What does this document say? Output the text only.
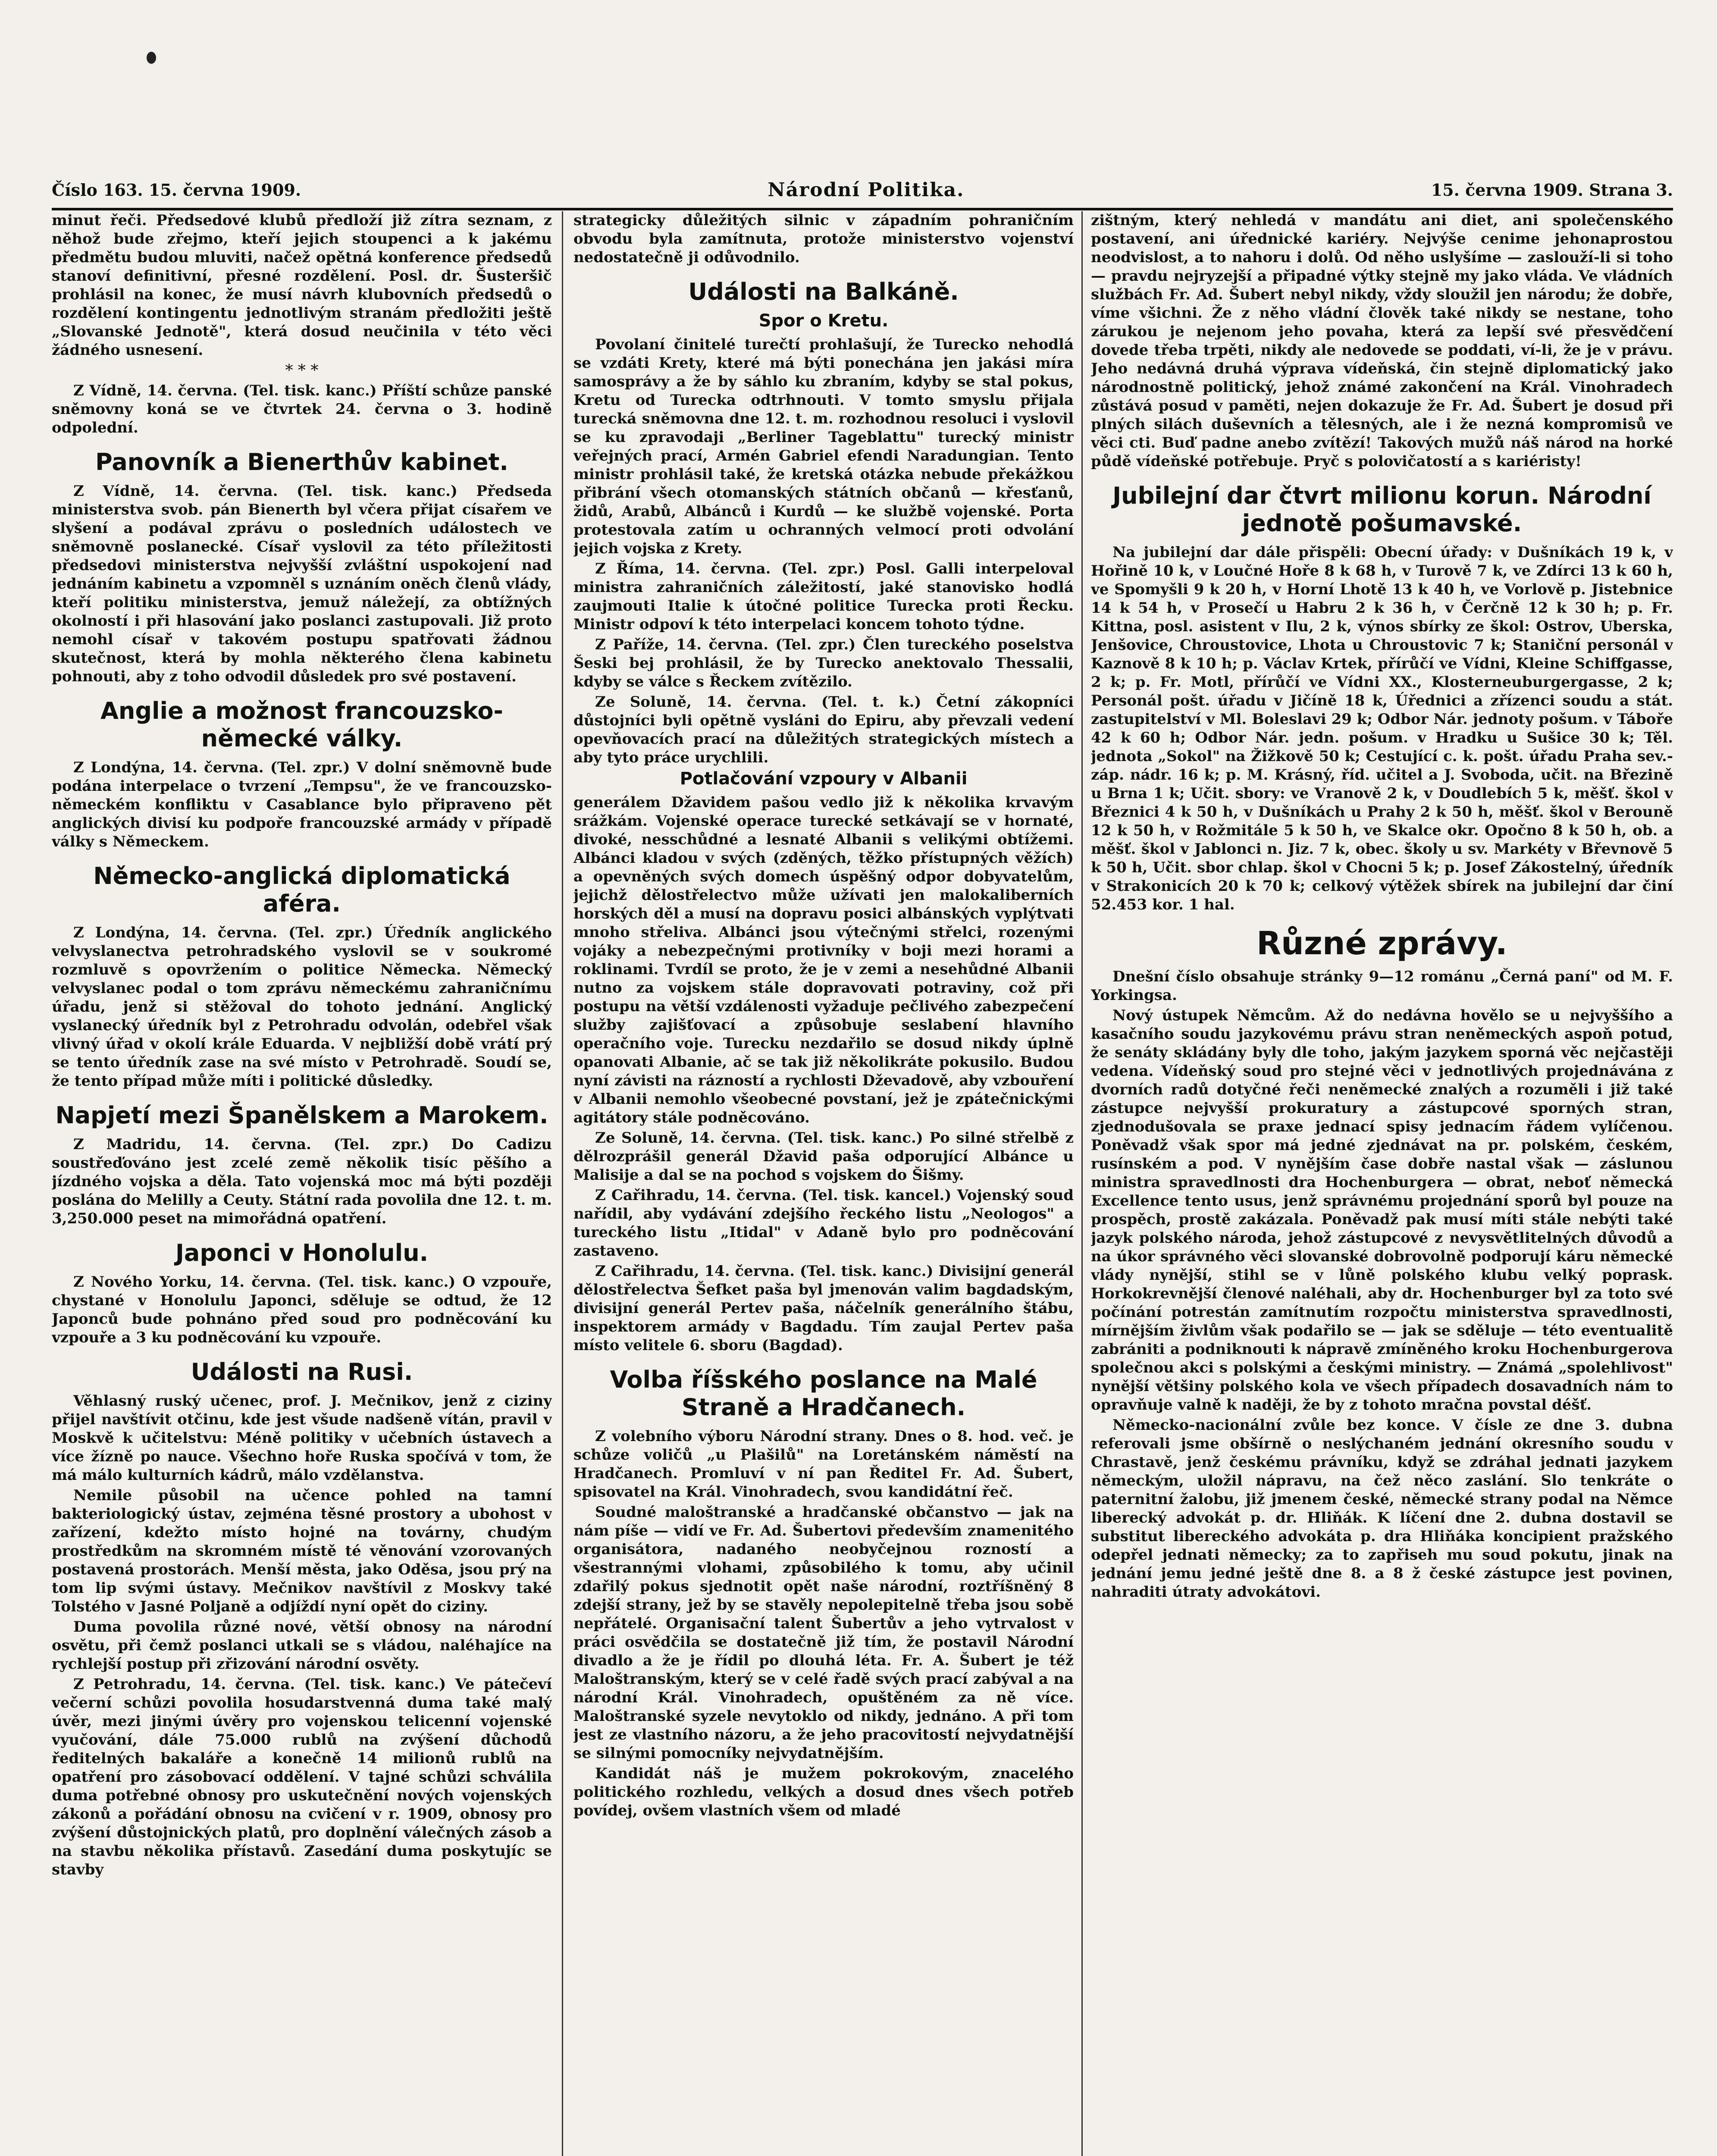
Číslo 163. 15. června 1909.	Národní Politika.	15. června 1909. Strana 3.

minut řeči. Předsedové klubů předloží již zítra seznam, z něhož bude zřejmo, kteří jejich stoupenci a k jakému předmětu budou mluviti, načež opětná konference předsedů stanoví definitivní, přesné rozdělení. Posl. dr. Šusteršič prohlásil na konec, že musí návrh klubovních předsedů o rozdělení kontingentu jednotlivým stranám předložiti ještě „Slovanské Jednotě", která dosud neučinila v této věci žádného usnesení.

* * *

Z Vídně, 14. června. (Tel. tisk. kanc.) Příští schůze panské sněmovny koná se ve čtvrtek 24. června o 3. hodině odpolední.

Panovník a Bienerthův kabinet.

Z Vídně, 14. června. (Tel. tisk. kanc.) Předseda ministerstva svob. pán Bienerth byl včera přijat císařem ve slyšení a podával zprávu o posledních událostech ve sněmovně poslanecké. Císař vyslovil za této příležitosti předsedovi ministerstva nejvyšší zvláštní uspokojení nad jednáním kabinetu a vzpomněl s uznáním oněch členů vlády, kteří politiku ministerstva, jemuž náležejí, za obtížných okolností i při hlasování jako poslanci zastupovali. Již proto nemohl císař v takovém postupu spatřovati žádnou skutečnost, která by mohla některého člena kabinetu pohnouti, aby z toho odvodil důsledek pro své postavení.

Anglie a možnost francouzsko-německé války.

Z Londýna, 14. června. (Tel. zpr.) V dolní sněmovně bude podána interpelace o tvrzení „Tempsu", že ve francouzsko-německém konfliktu v Casablance bylo připraveno pět anglických divisí ku podpoře francouzské armády v případě války s Německem.

Německo-anglická diplomatická aféra.

Z Londýna, 14. června. (Tel. zpr.) Úředník anglického velvyslanectva petrohradského vyslovil se v soukromé rozmluvě s opovržením o politice Německa. Německý velvyslanec podal o tom zprávu německému zahraničnímu úřadu, jenž si stěžoval do tohoto jednání. Anglický vyslanecký úředník byl z Petrohradu odvolán, odebřel však vlivný úřad v okolí krále Eduarda. V nejbližší době vrátí prý se tento úředník zase na své místo v Petrohradě. Soudí se, že tento případ může míti i politické důsledky.

Napjetí mezi Španělskem a Marokem.

Z Madridu, 14. června. (Tel. zpr.) Do Cadizu soustřeďováno jest zcelé země několik tisíc pěšího a jízdného vojska a děla. Tato vojenská moc má býti později poslána do Melilly a Ceuty. Státní rada povolila dne 12. t. m. 3,250.000 peset na mimořádná opatření.

Japonci v Honolulu.

Z Nového Yorku, 14. června. (Tel. tisk. kanc.) O vzpouře, chystané v Honolulu Japonci, sděluje se odtud, že 12 Japonců bude pohnáno před soud pro podněcování ku vzpouře a 3 ku podněcování ku vzpouře.

Události na Rusi.

Věhlasný ruský učenec, prof. J. Mečnikov, jenž z ciziny přijel navštívit otčinu, kde jest všude nadšeně vítán, pravil v Moskvě k učitelstvu: Méně politiky v učebních ústavech a více žízně po nauce. Všechno hoře Ruska spočívá v tom, že má málo kulturních kádrů, málo vzdělanstva.

Nemile působil na učence pohled na tamní bakteriologický ústav, zejména těsné prostory a ubohost v zařízení, kdežto místo hojné na továrny, chudým prostředkům na skromném místě té věnování vzorovaných postavená prostorách. Menší města, jako Oděsa, jsou prý na tom lip svými ústavy. Mečnikov navštívil z Moskvy také Tolstého v Jasné Poljaně a odjíždí nyní opět do ciziny.

Duma povolila různé nové, větší obnosy na národní osvětu, při čemž poslanci utkali se s vládou, naléhajíce na rychlejší postup při zřizování národní osvěty.

Z Petrohradu, 14. června. (Tel. tisk. kanc.) Ve pátečeví večerní schůzi povolila hosudarstvenná duma také malý úvěr, mezi jinými úvěry pro vojenskou telicenní vojenské vyučování, dále 75.000 rublů na zvýšení důchodů ředitelných bakaláře a konečně 14 milionů rublů na opatření pro zásobovací oddělení. V tajné schůzi schválila duma potřebné obnosy pro uskutečnění nových vojenských zákonů a pořádání obnosu na cvičení v r. 1909, obnosy pro zvýšení důstojnických platů, pro doplnění válečných zásob a na stavbu několika přístavů. Zasedání duma poskytujíc se stavby

strategicky důležitých silnic v západním pohraničním obvodu byla zamítnuta, protože ministerstvo vojenství nedostatečně ji odůvodnilo.

Události na Balkáně.
Spor o Kretu.

Povolaní činitelé turečtí prohlašují, že Turecko nehodlá se vzdáti Krety, které má býti ponechána jen jakási míra samosprávy a že by sáhlo ku zbraním, kdyby se stal pokus, Kretu od Turecka odtrhnouti. V tomto smyslu přijala turecká sněmovna dne 12. t. m. rozhodnou resoluci i vyslovil se ku zpravodaji „Berliner Tageblattu" turecký ministr veřejných prací, Armén Gabriel efendi Naradungian. Tento ministr prohlásil také, že kretská otázka nebude překážkou přibrání všech otomanských státních občanů — křesťanů, židů, Arabů, Albánců i Kurdů — ke službě vojenské. Porta protestovala zatím u ochranných velmocí proti odvolání jejich vojska z Krety.

Z Říma, 14. června. (Tel. zpr.) Posl. Galli interpeloval ministra zahraničních záležitostí, jaké stanovisko hodlá zaujmouti Italie k útočné politice Turecka proti Řecku. Ministr odpoví k této interpelaci koncem tohoto týdne.

Z Paříže, 14. června. (Tel. zpr.) Člen tureckého poselstva Šeski bej prohlásil, že by Turecko anektovalo Thessalii, kdyby se válce s Řeckem zvítězilo.

Ze Soluně, 14. června. (Tel. t. k.) Četní zákopníci důstojníci byli opětně vysláni do Epiru, aby převzali vedení opevňovacích prací na důležitých strategických místech a aby tyto práce urychlili.

Potlačování vzpoury v Albanii

generálem Džavidem pašou vedlo již k několika krvavým srážkám. Vojenské operace turecké setkávají se v hornaté, divoké, nesschůdné a lesnaté Albanii s velikými obtížemi. Albánci kladou v svých (zděných, těžko přístupných věžích) a opevněných svých domech úspěšný odpor dobyvatelům, jejichž dělostřelectvo může užívati jen malokaliberních horských děl a musí na dopravu posici albánských vyplýtvati mnoho střeliva. Albánci jsou výtečnými střelci, rozenými vojáky a nebezpečnými protivníky v boji mezi horami a roklinami. Tvrdíl se proto, že je v zemi a nesehůdné Albanii nutno za vojskem stále dopravovati potraviny, což při postupu na větší vzdálenosti vyžaduje pečlivého zabezpečení služby zajišťovací a způsobuje seslabení hlavního operačního voje. Turecku nezdařilo se dosud nikdy úplně opanovati Albanie, ač se tak již několikráte pokusilo. Budou nyní závisti na rázností a rychlosti Dževadově, aby vzbouření v Albanii nemohlo všeobecné povstaní, jež je zpátečnickými agitátory stále podněcováno.

Ze Soluně, 14. června. (Tel. tisk. kanc.) Po silné střelbě z dělrozprášil generál Džavid paša odporující Albánce u Malisije a dal se na pochod s vojskem do Šišmy.

Z Cařihradu, 14. června. (Tel. tisk. kancel.) Vojenský soud nařídil, aby vydávání zdejšího řeckého listu „Neologos" a tureckého listu „Itidal" v Adaně bylo pro podněcování zastaveno.

Z Cařihradu, 14. června. (Tel. tisk. kanc.) Divisijní generál dělostřelectva Šefket paša byl jmenován valim bagdadským, divisijní generál Pertev paša, náčelník generálního štábu, inspektorem armády v Bagdadu. Tím zaujal Pertev paša místo velitele 6. sboru (Bagdad).

Volba říšského poslance na Malé Straně a Hradčanech.

Z volebního výboru Národní strany. Dnes o 8. hod. več. je schůze voličů „u Plašilů" na Loretánském náměstí na Hradčanech. Promluví v ní pan Ředitel Fr. Ad. Šubert, spisovatel na Král. Vinohradech, svou kandidátní řeč.

Soudné maloštranské a hradčanské občanstvo — jak na nám píše — vidí ve Fr. Ad. Šubertovi především znamenitého organisátora, nadaného neobyčejnou rozností a všestrannými vlohami, způsobilého k tomu, aby učinil zdařilý pokus sjednotit opět naše národní, roztříšněný 8 zdejší strany, jež by se stavěly nepolepitelně třeba jsou sobě nepřátelé. Organisační talent Šubertův a jeho vytrvalost v práci osvědčila se dostatečně již tím, že postavil Národní divadlo a že je řídil po dlouhá léta. Fr. A. Šubert je též Maloštranským, který se v celé řadě svých prací zabýval a na národní Král. Vinohradech, opuštěném za ně více. Maloštranské syzele nevytoklo od nikdy, jednáno. A při tom jest ze vlastního názoru, a že jeho pracovitostí nejvydatnější se silnými pomocníky nejvydatnějším.

Kandidát náš je mužem pokrokovým, znacelého politického rozhledu, velkých a dosud dnes všech potřeb povídej, ovšem vlastních všem od mladé

zištným, který nehledá v mandátu ani diet, ani společenského postavení, ani úřednické kariéry. Nejvýše cenime jehonaprostou neodvislost, a to nahoru i dolů. Od něho uslyšíme — zaslouží-li si toho — pravdu nejryzejší a připadné výtky stejně my jako vláda. Ve vládních službách Fr. Ad. Šubert nebyl nikdy, vždy sloužil jen národu; že dobře, víme všichni. Že z něho vládní člověk také nikdy se nestane, toho zárukou je nejenom jeho povaha, která za lepší své přesvědčení dovede třeba trpěti, nikdy ale nedovede se poddati, ví-li, že je v právu. Jeho nedávná druhá výprava vídeňská, čin stejně diplomatický jako národnostně politický, jehož známé zakončení na Král. Vinohradech zůstává posud v paměti, nejen dokazuje že Fr. Ad. Šubert je dosud při plných silách duševních a tělesných, ale i že nezná kompromisů ve věci cti. Buď padne anebo zvítězí! Takových mužů náš národ na horké půdě vídeňské potřebuje. Pryč s polovičatostí a s kariéristy!

Jubilejní dar čtvrt milionu korun. Národní jednotě pošumavské.

Na jubilejní dar dále přispěli: Obecní úřady: v Dušníkách 19 k, v Hořině 10 k, v Loučné Hoře 8 k 68 h, v Turově 7 k, ve Zdírci 13 k 60 h, ve Spomyšli 9 k 20 h, v Horní Lhotě 13 k 40 h, ve Vorlově p. Jistebnice 14 k 54 h, v Prosečí u Habru 2 k 36 h, v Čerčně 12 k 30 h; p. Fr. Kittna, posl. asistent v Ilu, 2 k, výnos sbírky ze škol: Ostrov, Uberska, Jenšovice, Chroustovice, Lhota u Chroustovic 7 k; Staniční personál v Kaznově 8 k 10 h; p. Václav Krtek, přírůčí ve Vídni, Kleine Schiffgasse, 2 k; p. Fr. Motl, přírůčí ve Vídni XX., Klosterneuburgergasse, 2 k; Personál pošt. úřadu v Jičíně 18 k, Úřednici a zřízenci soudu a stát. zastupitelství v Ml. Boleslavi 29 k; Odbor Nár. jednoty pošum. v Táboře 42 k 60 h; Odbor Nár. jedn. pošum. v Hradku u Sušice 30 k; Těl. jednota „Sokol" na Žižkově 50 k; Cestující c. k. pošt. úřadu Praha sev.-záp. nádr. 16 k; p. M. Krásný, říd. učitel a J. Svoboda, učit. na Březině u Brna 1 k; Učit. sbory: ve Vranově 2 k, v Doudlebích 5 k, měšť. škol v Březnici 4 k 50 h, v Dušníkách u Prahy 2 k 50 h, měšť. škol v Berouně 12 k 50 h, v Rožmitále 5 k 50 h, ve Skalce okr. Opočno 8 k 50 h, ob. a měšť. škol v Jablonci n. Jiz. 7 k, obec. školy u sv. Markéty v Břevnově 5 k 50 h, Učit. sbor chlap. škol v Chocni 5 k; p. Josef Zákostelný, úředník v Strakonicích 20 k 70 k; celkový výtěžek sbírek na jubilejní dar činí 52.453 kor. 1 hal.

Různé zprávy.

Dnešní číslo obsahuje stránky 9—12 románu „Černá paní" od M. F. Yorkingsa.

Nový ústupek Němcům. Až do nedávna hovělo se u nejvyššího a kasačního soudu jazykovému právu stran neněmeckých aspoň potud, že senáty skládány byly dle toho, jakým jazykem sporná věc nejčastěji vedena. Vídeňský soud pro stejné věci v jednotlivých projednávána z dvorních radů dotyčné řeči neněmecké znalých a rozuměli i již také zástupce nejvyšší prokuratury a zástupcové sporných stran, zjednodušovala se praxe jednací spisy jednacím řádem vylíčenou. Poněvadž však spor má jedné zjednávat na pr. polském, českém, rusínském a pod. V nynějším čase dobře nastal však — záslunou ministra spravedlnosti dra Hochenburgera — obrat, neboť německá Excellence tento usus, jenž správnému projednání sporů byl pouze na prospěch, prostě zakázala. Poněvadž pak musí míti stále nebýti také jazyk polského národa, jehož zástupcové z nevysvětlitelných důvodů a na úkor správného věci slovanské dobrovolně podporují káru německé vlády nynější, stihl se v lůně polského klubu velký poprask. Horkokrevnější členové naléhali, aby dr. Hochenburger byl za toto své počínání potrestán zamítnutím rozpočtu ministerstva spravedlnosti, mírnějším živlům však podařilo se — jak se sděluje — této eventualitě zabrániti a podniknouti k nápravě zmíněného kroku Hochenburgerova společnou akci s polskými a českými ministry. — Známá „spolehlivost" nynější většiny polského kola ve všech případech dosavadních nám to opravňuje valně k naději, že by z tohoto mračna povstal déšť.

Německo-nacionální zvůle bez konce. V čísle ze dne 3. dubna referovali jsme obšírně o neslýchaném jednání okresního soudu v Chrastavě, jenž českému právníku, když se zdráhal jednati jazykem německým, uložil nápravu, na čež něco zaslání. Slo tenkráte o paternitní žalobu, již jmenem české, německé strany podal na Němce liberecký advokát p. dr. Hliňák. K líčení dne 2. dubna dostavil se substitut libereckého advokáta p. dra Hliňáka koncipient pražského odepřel jednati německy; za to zapřiseh mu soud pokutu, jinak na jednání jemu jedné ještě dne 8. a 8 ž české zástupce jest povinen, nahraditi útraty advokátovi.
